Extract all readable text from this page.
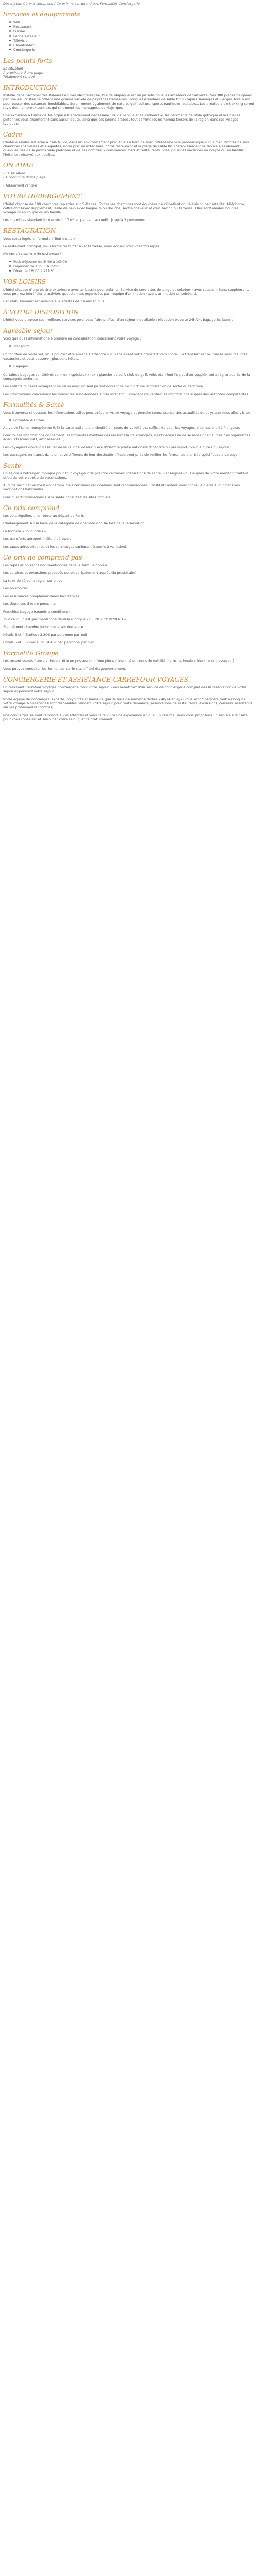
Description Ce prix comprend / Ce prix ne comprend pas Formalités Conciergerie

Services et équipements
Wifi
Restaurant
Piscine
Pêche extérieur
Télévision
Climatisation
Conciergerie
Les points forts

Sa situation
A proximité d'une plage
Totalement rénové

INTRODUCTION

Installé dans l'archipel des Baléares en mer Méditerranée, l'île de Majorque est un paradis pour les amateurs de farniente. Ses 300 plages baignées par une eau cristalline offrent une grande variété de paysages balnéaires : longues étendues de sable fin ou tapies sauvages et vierges, tout y est pour passer des vacances inoubliables. Sereinement également de nature, golf, culture, sports nautiques, balades... Les amateurs de trekking seront ravis des nombreux sentiers qui sillonnent les montagnes de Majorque.

Une excursion à Palma de Majorque est absolument nécessaire : la vieille ville et sa cathédrale, les bâtiments de style gothique et les ruelles piétonnes vous charmeront sans aucun doute, ainsi que ses jardins arabes, tout comme les nombreux trésors de la région dans ces villages typiques.

Cadre

L'hôtel 4 étoiles est situé à Cala Millor, dans un environnement privilégié en bord de mer, offrant une vue panoramique sur la mer. Profitez de nos chambres spacieuses et élégantes, notre piscine extérieure, notre restaurant et la plage de sable fin. L'établissement se trouve à seulement quelques pas de la promenade piétonne et de ses nombreux commerces, bars et restaurants. Idéal pour des vacances en couple ou en famille, l'hôtel est réservé aux adultes.

ON AIME

- Sa situation
- A proximité d'une plage

- Totalement rénové

VOTRE HÉBERGEMENT

L'hôtel dispose de 189 chambres réparties sur 5 étages. Toutes les chambres sont équipées de climatisation, télévision par satellite, téléphone, coffre-fort (avec supplément), salle de bain avec baignoire ou douche, sèche-cheveux et d'un balcon ou terrasse. Elles sont idéales pour les voyageurs en couple ou en famille.

Les chambres standard font environ 17 m² et peuvent accueillir jusqu'à 3 personnes.

RESTAURATION

Vous serez logés en formule « Tout inclus »

Le restaurant principal, sous forme de buffet avec terrasse, vous accueil pour vos trois repas.

Heures d'ouverture du restaurant* :

Petit-déjeuner de 8h00 à 10h00
Déjeuner de 13h00 à 15h00
Dîner de 18h00 à 21h30
VOS LOISIRS

L'hôtel dispose d'une piscine extérieure avec un bassin pour enfants. Service de serviettes de plage et solarium (avec caution). Sans supplément, vous pourrez bénéficier d'activités quotidiennes organisées par l'équipe d'animation (sport, animation en soirée...).

Cet établissement est réservé aux adultes de 16 ans et plus.

À VOTRE DISPOSITION

L'hôtel vous propose ses meilleurs services pour vous faire profiter d'un séjour inoubliable : réception ouverte 24h/24, bagagerie, laverie.

Agréable séjour

Voici quelques informations à prendre en considération concernant votre voyage :

Transport

En fonction de votre vol, vous pourrez être amené à attendre sur place avant votre transfert vers l'hôtel. Le transfert est mutualisé avec d'autres vacanciers et peut desservir plusieurs hôtels.

Bagages

Certaines bagages considérés comme « spéciaux » (ex : planche de surf, club de golf, vélo, etc.) font l'objet d'un supplément à régler auprès de la compagnie aérienne.

Les enfants mineurs voyageant seuls ou avec un seul parent doivent se munir d'une autorisation de sortie du territoire.

Les informations concernant les formalités sont données à titre indicatif. Il convient de vérifier les informations auprès des autorités compétentes.

Formalités & Santé

Vous trouverez ci-dessous les informations utiles pour préparer votre voyage et prendre connaissance des actualités du pays que vous allez visiter.

Formalité d'entrée

Au vu de l'Union européenne (UE) la carte nationale d'identité en cours de validité est suffisante pour les voyageurs de nationalité française.

Pour toutes informations concernant les formalités d'entrée des ressortissants étrangers, il est nécessaire de se renseigner auprès des organismes adéquats (consulats, ambassades...).

Les voyageurs doivent s'assurer de la validité de leur pièce d'identité (carte nationale d'identité ou passeport) pour la durée du séjour.

Les passagers en transit dans un pays différent de leur destination finale sont priés de vérifier les formalités d'entrée spécifiques à ce pays.

Santé

Un séjour à l'étranger implique pour tout voyageur de prendre certaines précautions de santé. Renseignez-vous auprès de votre médecin traitant et/ou de votre centre de vaccinations.

Aucune vaccination n'est obligatoire mais certaines vaccinations sont recommandées. L'Institut Pasteur vous conseille d'être à jour dans vos vaccinations habituelles.

Pour plus d'informations sur la santé consultez les sites officiels.

Ce prix comprend

Les vols réguliers aller-retour au départ de Paris

L'hébergement sur la base de la catégorie de chambre choisie lors de la réservation

La formule « Tout inclus »

Les transferts aéroport / hôtel / aéroport

Les taxes aéroportuaires et les surcharges carburant (soumis à variation).

Ce prix ne comprend pas

Les repas et boissons non mentionnés dans la formule choisie

Les services et excursions proposés sur place (paiement auprès du prestataire)

La taxe de séjour à régler sur place

Les pourboires

Les assurances complémentaires facultatives

Les dépenses d'ordre personnel

Franchise bagage (soumis à conditions)

Tout ce qui n'est pas mentionné dans la rubrique « CE PRIX COMPREND »

Supplément chambre individuelle sur demande

Hôtels 3 et 4 Étoiles : 3.30€ par personne par nuit

Hôtels 5 et 5 Supérieurs : 4.40€ par personne par nuit

Formalité Groupe

Les ressortissants français doivent être en possession d'une pièce d'identité en cours de validité (carte nationale d'identité ou passeport).

Vous pouvez consulter les formalités sur le site officiel du gouvernement.

CONCIERGERIE ET ASSISTANCE CARREFOUR VOYAGES

En réservant Carrefour Voyages Conciergerie pour votre séjour, vous bénéficiez d'un service de conciergerie complet dès la réservation de votre séjour et pendant votre séjour.

Notre équipe de concierges, experte, polyglotte et humaine (par le biais de numéros dédiés 24h/24 et 7j/7) vous accompagnera tout au long de votre voyage. Nos services sont disponibles pendant votre séjour pour toute demande (réservations de restaurants, excursions, conseils, assistance sur les problèmes rencontrés).

Nos concierges sauront répondre à vos attentes et vous faire vivre une expérience unique. En résumé, nous vous proposons un service à la carte pour vous conseiller et simplifier votre séjour, et ce gratuitement.
